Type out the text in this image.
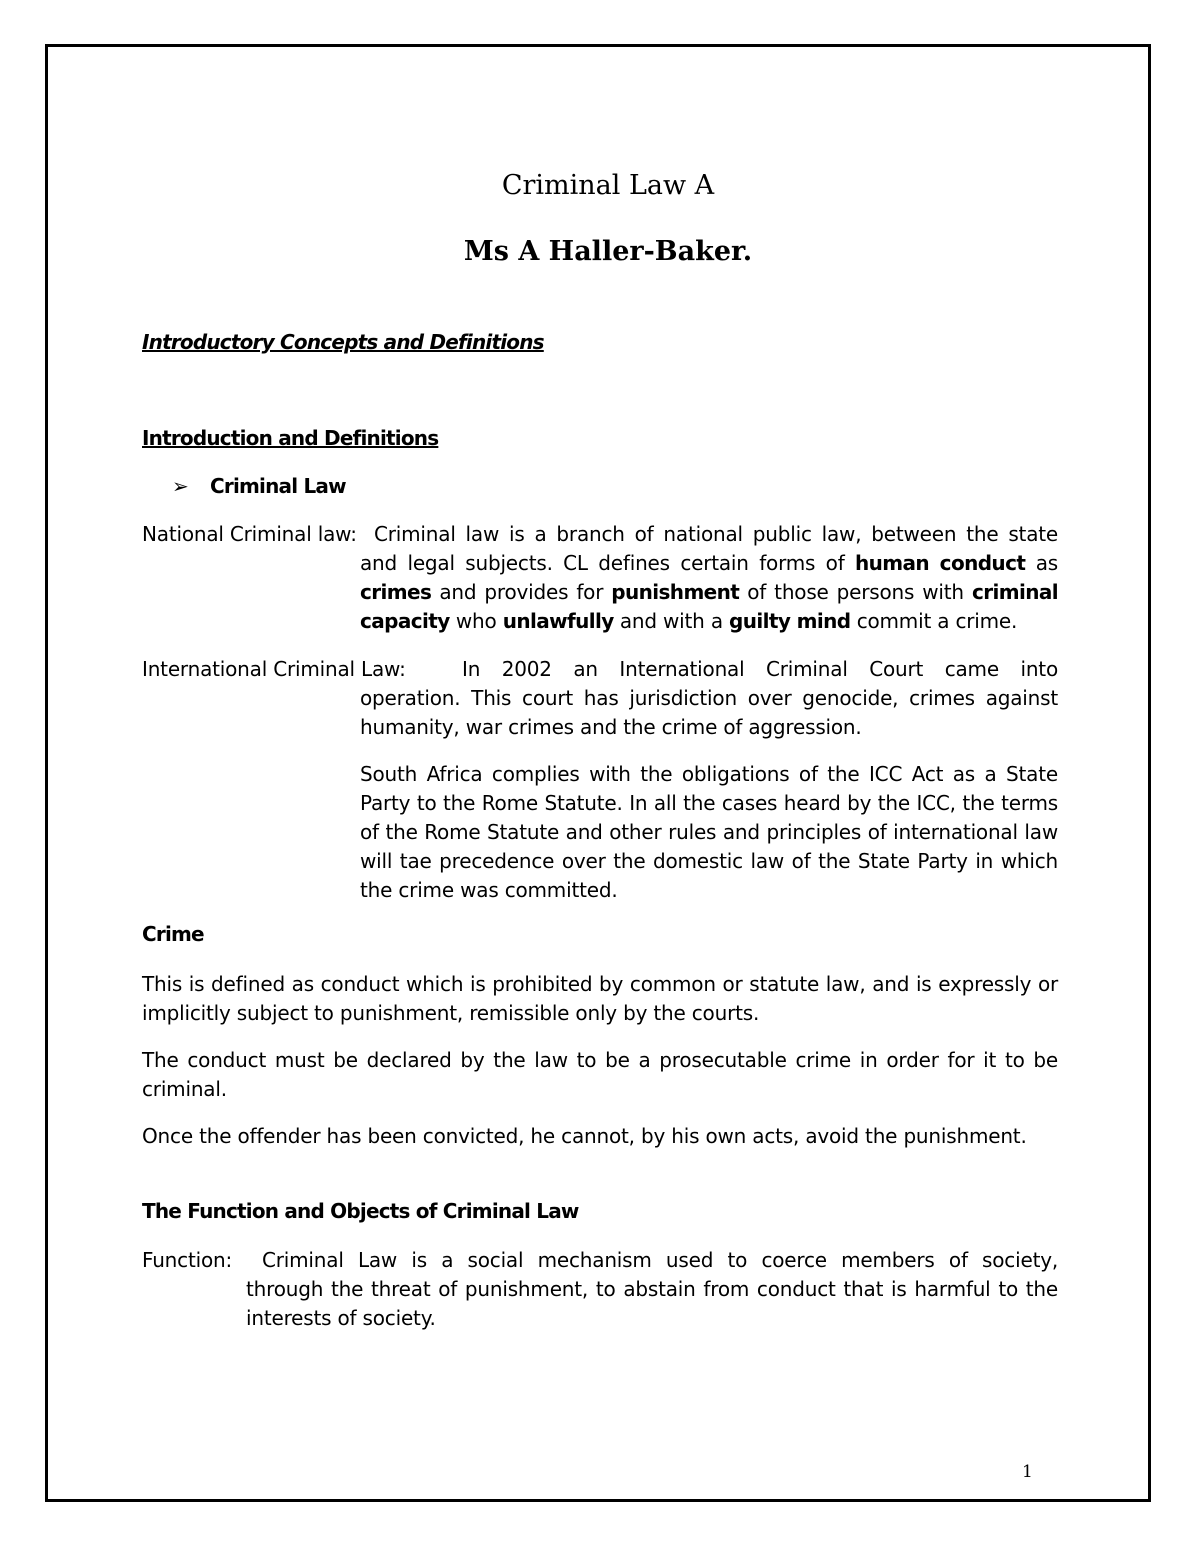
Criminal Law A
Ms A Haller-Baker.
Introductory Concepts and Definitions
Introduction and Definitions
➢ Criminal Law
National Criminal law: Criminal law is a branch of national public law, between the state
and legal subjects. CL defines certain forms of human conduct as crimes and provides for punishment of those persons with criminal capacity who unlawfully and with a guilty mind commit a crime.
International Criminal Law:	In 2002 an International Criminal Court came into
operation. This court has jurisdiction over genocide, crimes against humanity, war crimes and the crime of aggression.
South Africa complies with the obligations of the ICC Act as a State Party to the Rome Statute. In all the cases heard by the ICC, the terms of the Rome Statute and other rules and principles of international law will tae precedence over the domestic law of the State Party in which the crime was committed.
Crime
This is defined as conduct which is prohibited by common or statute law, and is expressly or implicitly subject to punishment, remissible only by the courts.
The conduct must be declared by the law to be a prosecutable crime in order for it to be criminal.
Once the offender has been convicted, he cannot, by his own acts, avoid the punishment.
The Function and Objects of Criminal Law
Function: Criminal Law is a social mechanism used to coerce members of society,
through the threat of punishment, to abstain from conduct that is harmful to the interests of society.
1
